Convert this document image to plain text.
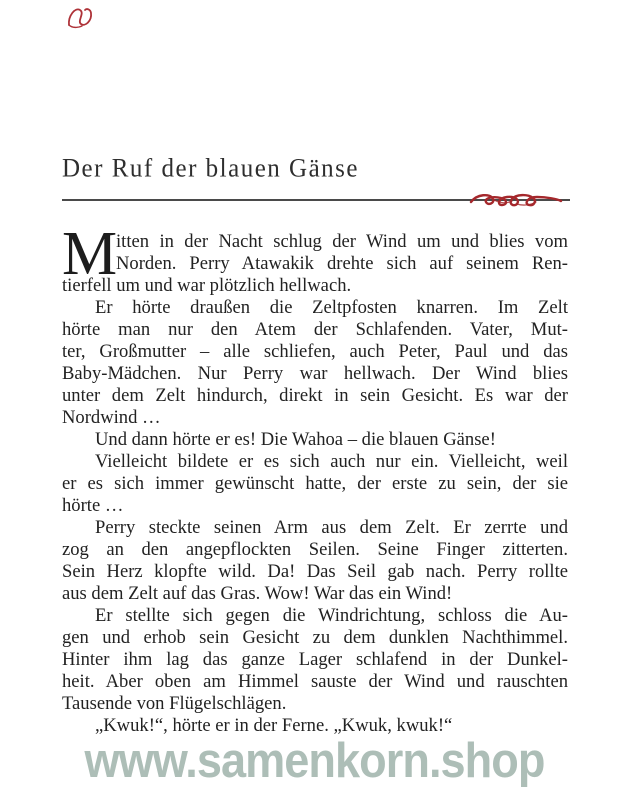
Der Ruf der blauen Gänse
M
itten in der Nacht schlug der Wind um und blies vom
Norden. Perry Atawakik drehte sich auf seinem Ren-
tierfell um und war plötzlich hellwach.
Er hörte draußen die Zeltpfosten knarren. Im Zelt
hörte man nur den Atem der Schlafenden. Vater, Mut-
ter, Großmutter – alle schliefen, auch Peter, Paul und das
Baby-Mädchen. Nur Perry war hellwach. Der Wind blies
unter dem Zelt hindurch, direkt in sein Gesicht. Es war der
Nordwind …
Und dann hörte er es! Die Wahoa – die blauen Gänse!
Vielleicht bildete er es sich auch nur ein. Vielleicht, weil
er es sich immer gewünscht hatte, der erste zu sein, der sie
hörte …
Perry steckte seinen Arm aus dem Zelt. Er zerrte und
zog an den angepflockten Seilen. Seine Finger zitterten.
Sein Herz klopfte wild. Da! Das Seil gab nach. Perry rollte
aus dem Zelt auf das Gras. Wow! War das ein Wind!
Er stellte sich gegen die Windrichtung, schloss die Au-
gen und erhob sein Gesicht zu dem dunklen Nachthimmel.
Hinter ihm lag das ganze Lager schlafend in der Dunkel-
heit. Aber oben am Himmel sauste der Wind und rauschten
Tausende von Flügelschlägen.
„Kwuk!“, hörte er in der Ferne. „Kwuk, kwuk!“
www.samenkorn.shop
